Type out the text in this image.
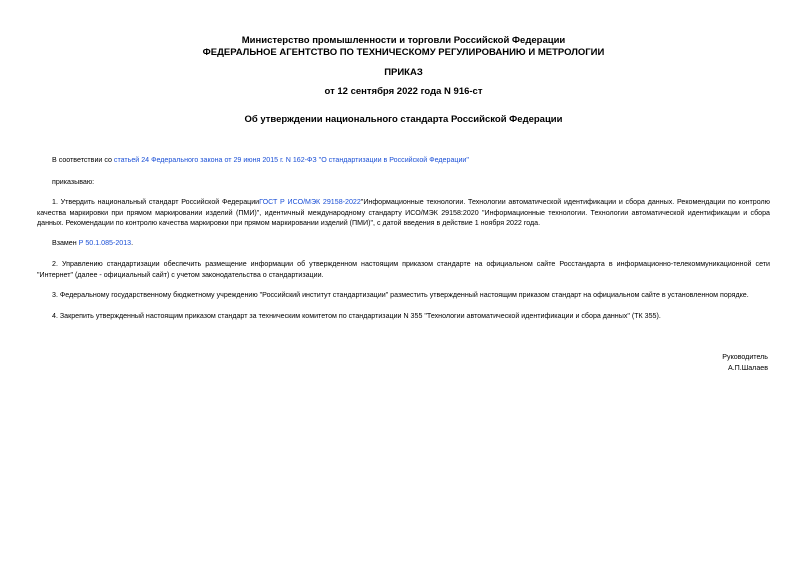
Министерство промышленности и торговли Российской Федерации
ФЕДЕРАЛЬНОЕ АГЕНТСТВО ПО ТЕХНИЧЕСКОМУ РЕГУЛИРОВАНИЮ И МЕТРОЛОГИИ
ПРИКАЗ
от 12 сентября 2022 года N 916-ст
Об утверждении национального стандарта Российской Федерации
В соответствии со статьей 24 Федерального закона от 29 июня 2015 г. N 162-ФЗ "О стандартизации в Российской Федерации"
приказываю:
1. Утвердить национальный стандарт Российской ФедерацииГОСТ Р ИСО/МЭК 29158-2022"Информационные технологии. Технологии автоматической идентификации и сбора данных. Рекомендации по контролю качества маркировки при прямом маркировании изделий (ПМИ)", идентичный международному стандарту ИСО/МЭК 29158:2020 "Информационные технологии. Технологии автоматической идентификации и сбора данных. Рекомендации по контролю качества маркировки при прямом маркировании изделий (ПМИ)", с датой введения в действие 1 ноября 2022 года.
Взамен Р 50.1.085-2013.
2. Управлению стандартизации обеспечить размещение информации об утвержденном настоящим приказом стандарте на официальном сайте Росстандарта в информационно-телекоммуникационной сети "Интернет" (далее - официальный сайт) с учетом законодательства о стандартизации.
3. Федеральному государственному бюджетному учреждению "Российский институт стандартизации" разместить утвержденный настоящим приказом стандарт на официальном сайте в установленном порядке.
4. Закрепить утвержденный настоящим приказом стандарт за техническим комитетом по стандартизации N 355 "Технологии автоматической идентификации и сбора данных" (ТК 355).
Руководитель
А.П.Шалаев
